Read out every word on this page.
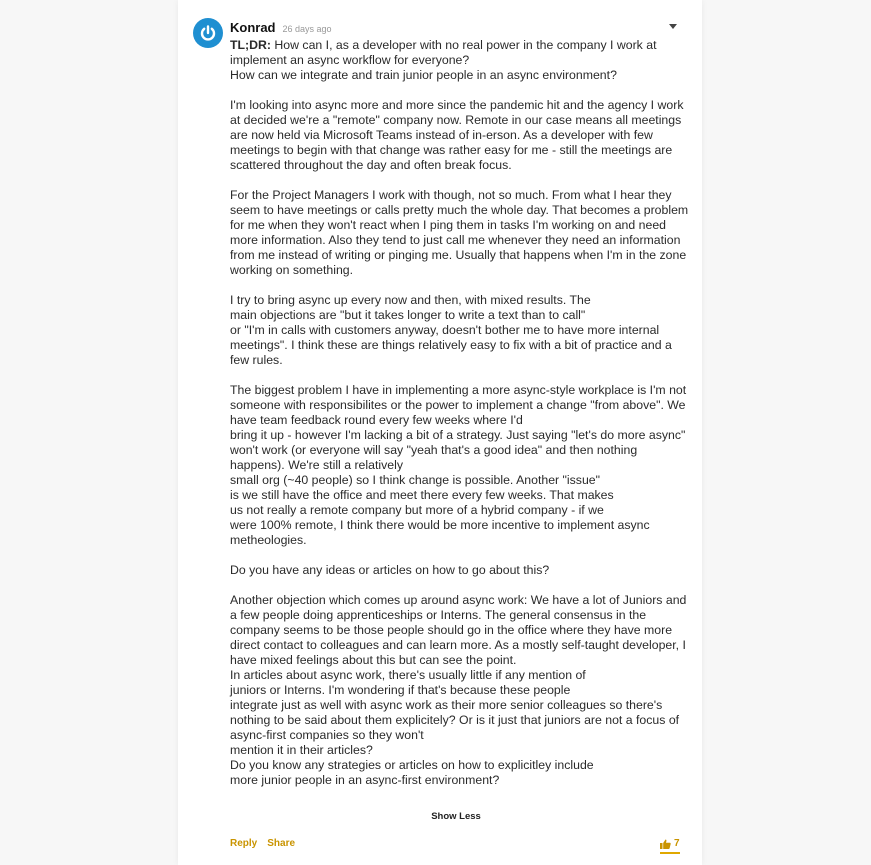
Konrad 26 days ago

TL;DR: How can I, as a developer with no real power in the company I work at implement an async workflow for everyone?

How can we integrate and train junior people in an async environment?

I'm looking into async more and more since the pandemic hit and the agency I work at decided we're a "remote" company now. Remote in our case means all meetings are now held via Microsoft Teams instead of in-erson. As a developer with few meetings to begin with that change was rather easy for me - still the meetings are scattered throughout the day and often break focus.

For the Project Managers I work with though, not so much. From what I hear they seem to have meetings or calls pretty much the whole day. That becomes a problem for me when they won't react when I ping them in tasks I'm working on and need more information. Also they tend to just call me whenever they need an information from me instead of writing or pinging me. Usually that happens when I'm in the zone working on something.

I try to bring async up every now and then, with mixed results. The

main objections are "but it takes longer to write a text than to call"

or "I'm in calls with customers anyway, doesn't bother me to have more internal meetings". I think these are things relatively easy to fix with a bit of practice and a few rules.

The biggest problem I have in implementing a more async-style workplace is I'm not someone with responsibilites or the power to implement a change "from above". We have team feedback round every few weeks where I'd

bring it up - however I'm lacking a bit of a strategy. Just saying "let's do more async" won't work (or everyone will say "yeah that's a good idea" and then nothing happens). We're still a relatively

small org (~40 people) so I think change is possible. Another "issue"

is we still have the office and meet there every few weeks. That makes

us not really a remote company but more of a hybrid company - if we

were 100% remote, I think there would be more incentive to implement async metheologies.

Do you have any ideas or articles on how to go about this?

Another objection which comes up around async work: We have a lot of Juniors and a few people doing apprenticeships or Interns. The general consensus in the company seems to be those people should go in the office where they have more direct contact to colleagues and can learn more. As a mostly self-taught developer, I have mixed feelings about this but can see the point.

In articles about async work, there's usually little if any mention of

juniors or Interns. I'm wondering if that's because these people

integrate just as well with async work as their more senior colleagues so there's nothing to be said about them explicitely? Or is it just that juniors are not a focus of async-first companies so they won't

mention it in their articles?

Do you know any strategies or articles on how to explicitley include

more junior people in an async-first environment?

Show Less
Reply Share	7
